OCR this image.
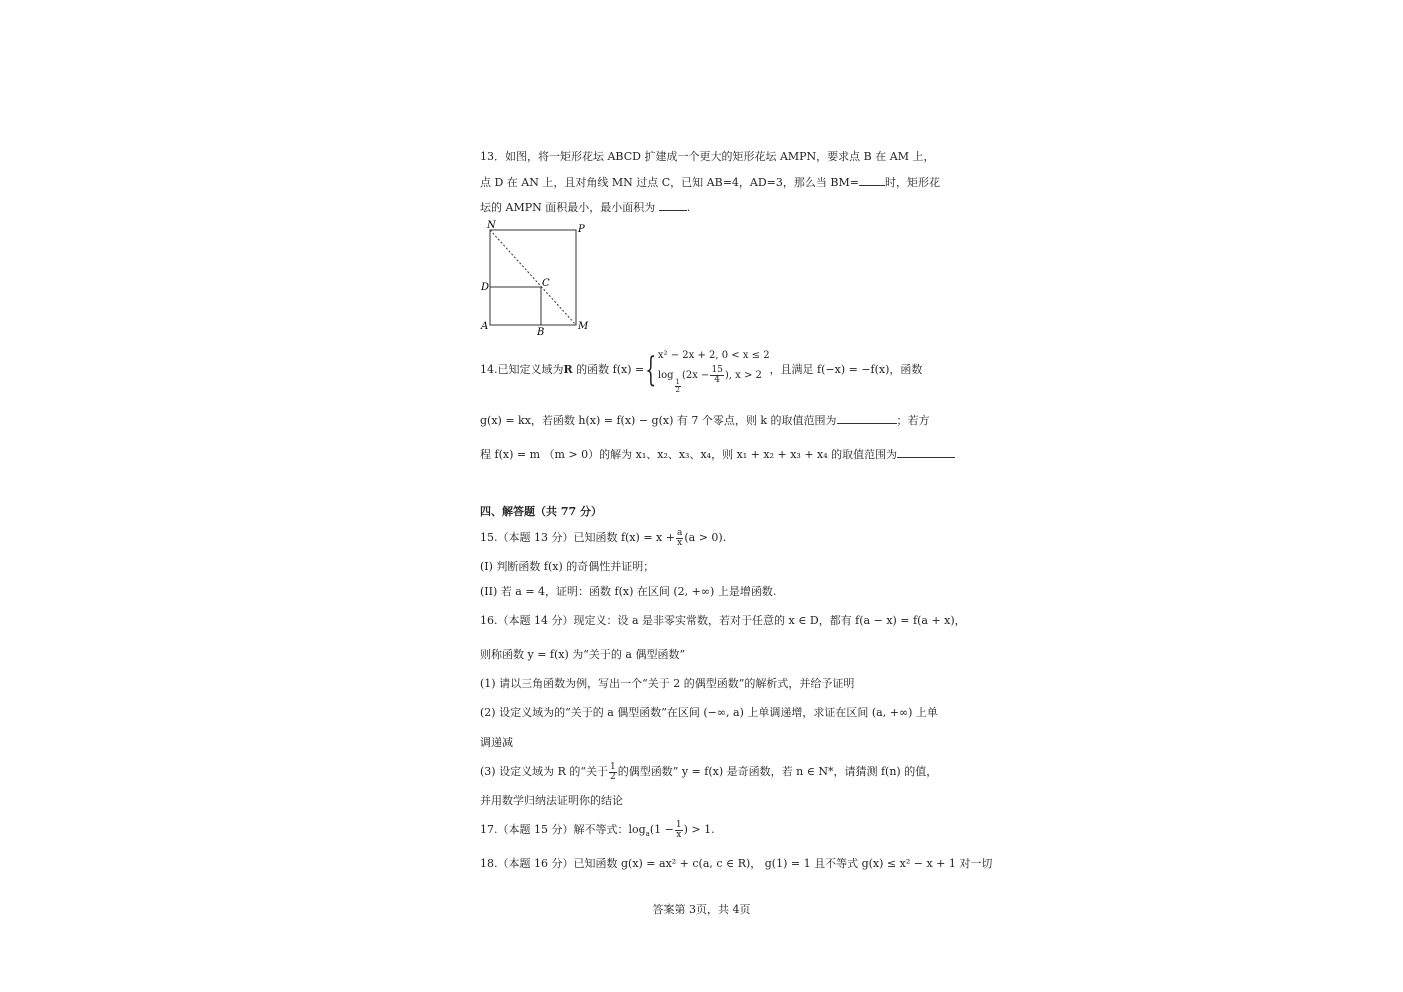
13．如图，将一矩形花坛 ABCD 扩建成一个更大的矩形花坛 AMPN，要求点 B 在 AM 上，
点 D 在 AN 上，且对角线 MN 过点 C，已知 AB=4，AD=3，那么当 BM= 时，矩形花
坛的 AMPN 面积最小，最小面积为	.
N	P
D	C
A
B
M
14.已知定义域为R 的函数 f(x) ={ x² − 2x + 2, 0 < x ≤ 2
log
$\frac{1}{2}$
($2x - \frac{15}{4}$ ), x > 2 ，且满足 f(−x) = −f(x)，函数
g(x) = kx，若函数 h(x) = f(x) − g(x) 有 7 个零点，则 k 的取值范围为	；若方
程 f(x) = m （m > 0）的解为 x₁、x₂、x₃、x₄，则 x₁ + x₂ + x₃ + x₄ 的取值范围为
四、解答题（共 77 分）
15.（本题 13 分）已知函数 $f(x) = x + \frac{a}{x} (a > 0)$.
(I) 判断函数 f(x) 的奇偶性并证明；
(II) 若 a = 4，证明：函数 f(x) 在区间 (2, +∞) 上是增函数.
16.（本题 14 分）现定义：设 a 是非零实常数，若对于任意的 x ∈ D，都有 f(a − x) = f(a + x)，
则称函数 y = f(x) 为“关于的 a 偶型函数”
(1) 请以三角函数为例，写出一个“关于 2 的偶型函数”的解析式，并给予证明
(2) 设定义域为的“关于的 a 偶型函数”在区间 (−∞, a) 上单调递增，求证在区间 (a, +∞) 上单
调递减
(3) 设定义域为 R 的“关于 $\frac{1}{2}$ 的偶型函数” y = f(x) 是奇函数，若 n ∈ N*，请猜测 f(n) 的值，
并用数学归纳法证明你的结论
17.（本题 15 分）解不等式：$\log_a(1 - \frac{1}{x}$ ) > 1.
18.（本题 16 分）已知函数 g(x) = ax² + c(a, c ∈ R)， g(1) = 1 且不等式 g(x) ≤ x² − x + 1 对一切
答案第 3页，共 4页
